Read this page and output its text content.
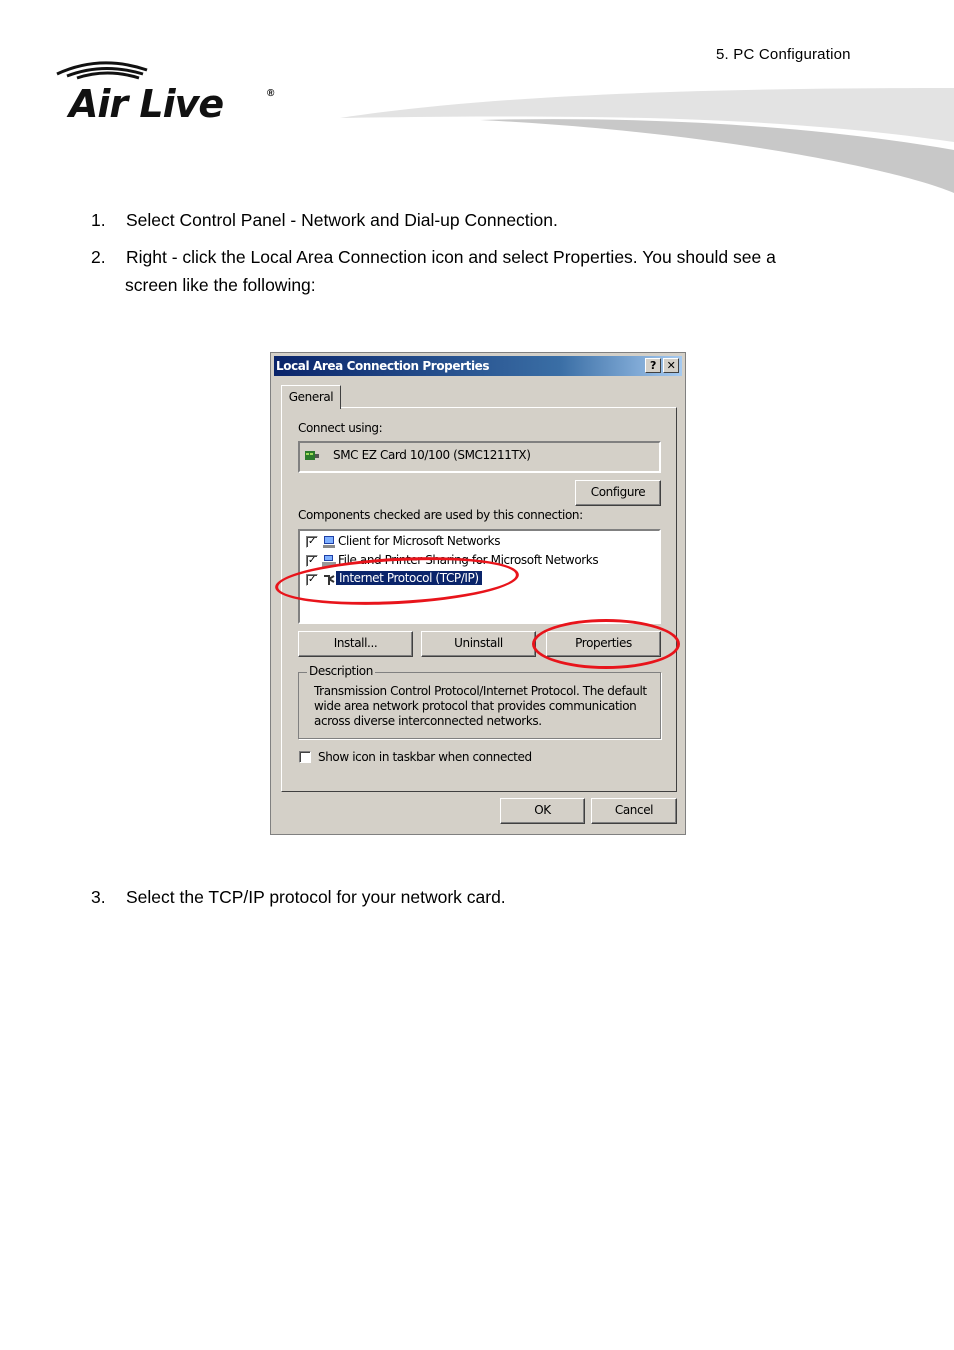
5. PC Configuration
Air Live	®
1. Select Control Panel - Network and Dial-up Connection.
2. Right - click the Local Area Connection icon and select Properties. You should see a
screen like the following:
Local Area Connection Properties	? ✕
General
Connect using:
SMC EZ Card 10/100 (SMC1211TX)
Configure
Components checked are used by this connection:
✓ Client for Microsoft Networks
✓ File and Printer Sharing for Microsoft Networks
✓ Internet Protocol (TCP/IP)
Install...	Uninstall	Properties
Description
Transmission Control Protocol/Internet Protocol. The default
wide area network protocol that provides communication
across diverse interconnected networks.
Show icon in taskbar when connected
OK	Cancel
3. Select the TCP/IP protocol for your network card.
